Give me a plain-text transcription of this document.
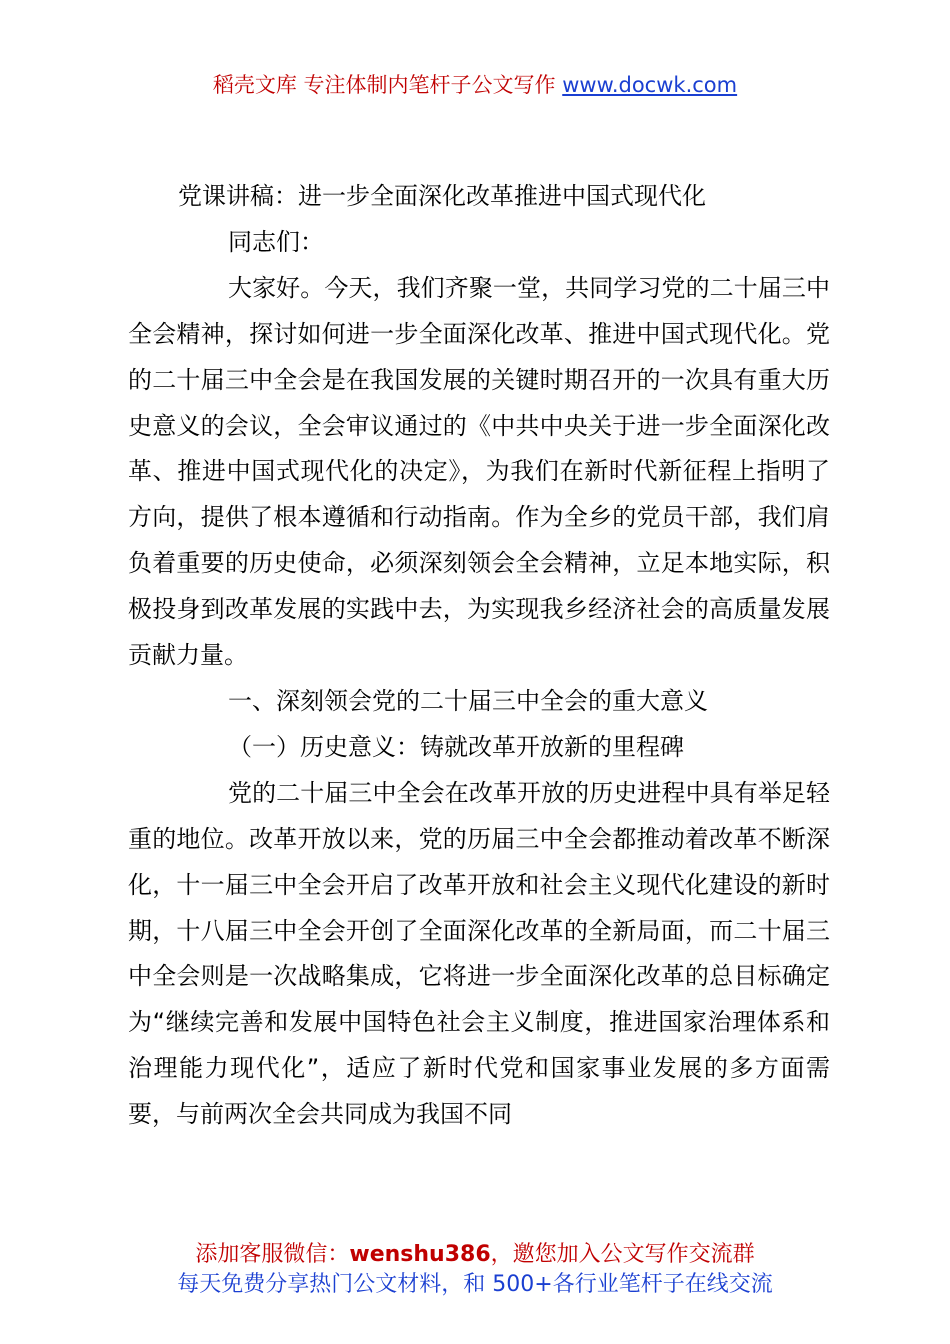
稻壳文库 专注体制内笔杆子公文写作 www.docwk.com

党课讲稿：进一步全面深化改革推进中国式现代化

同志们：

大家好。今天，我们齐聚一堂，共同学习党的二十届三中全会精神，探讨如何进一步全面深化改革、推进中国式现代化。党的二十届三中全会是在我国发展的关键时期召开的一次具有重大历史意义的会议，全会审议通过的《中共中央关于进一步全面深化改革、推进中国式现代化的决定》，为我们在新时代新征程上指明了方向，提供了根本遵循和行动指南。作为全乡的党员干部，我们肩负着重要的历史使命，必须深刻领会全会精神，立足本地实际，积极投身到改革发展的实践中去，为实现我乡经济社会的高质量发展贡献力量。

一、深刻领会党的二十届三中全会的重大意义

（一）历史意义：铸就改革开放新的里程碑

党的二十届三中全会在改革开放的历史进程中具有举足轻重的地位。改革开放以来，党的历届三中全会都推动着改革不断深化，十一届三中全会开启了改革开放和社会主义现代化建设的新时期，十八届三中全会开创了全面深化改革的全新局面，而二十届三中全会则是一次战略集成，它将进一步全面深化改革的总目标确定为“继续完善和发展中国特色社会主义制度，推进国家治理体系和治理能力现代化”，适应了新时代党和国家事业发展的多方面需要，与前两次全会共同成为我国不同

添加客服微信：wenshu386，邀您加入公文写作交流群
每天免费分享热门公文材料，和 500+各行业笔杆子在线交流
